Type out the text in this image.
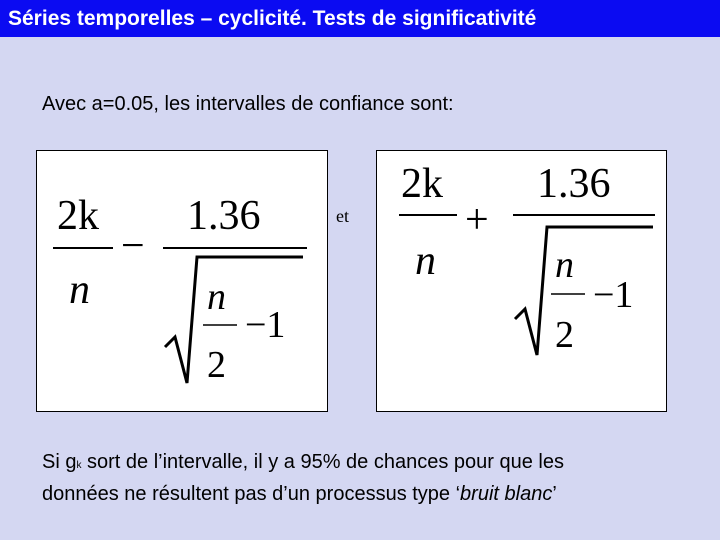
Séries temporelles – cyclicité. Tests de significativité
Avec a=0.05, les intervalles de confiance sont:
2k
n
−
1.36
n
2
−1
et
2k
n
+
1.36
n
2
−1
Si gk sort de l’intervalle, il y a 95% de chances pour que les
données ne résultent pas d’un processus type ‘bruit blanc’
